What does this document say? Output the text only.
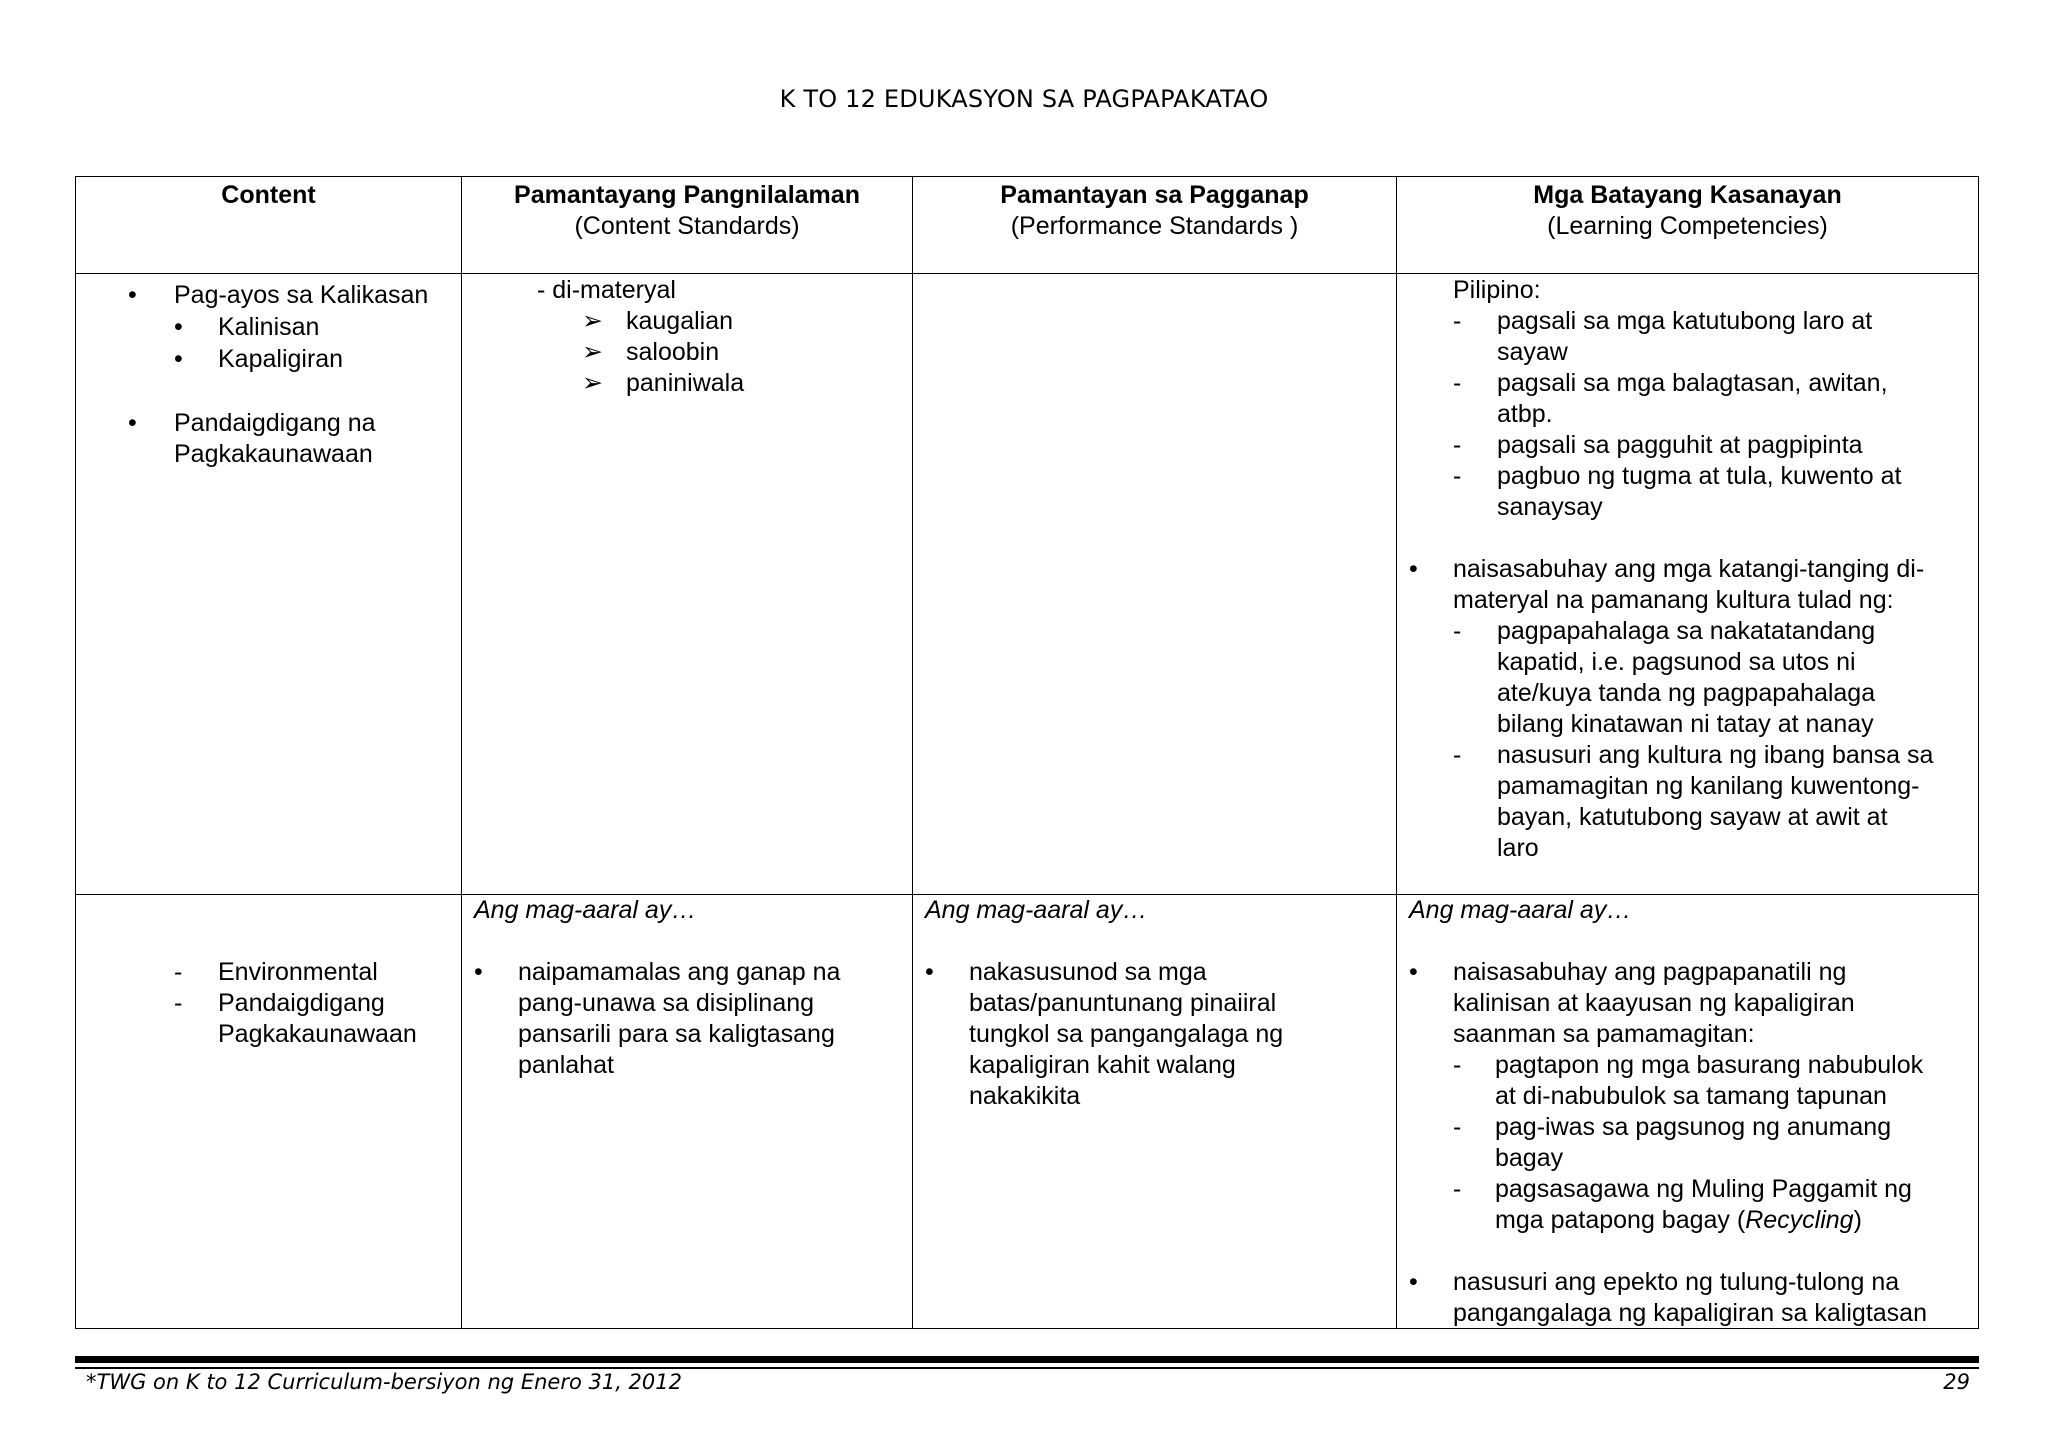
K TO 12 EDUKASYON SA PAGPAPAKATAO
Content	Pamantayang Pangnilalaman
(Content Standards)
Pamantayan sa Pagganap
(Performance Standards )
Mga Batayang Kasanayan
(Learning Competencies)
• Pag-ayos sa Kalikasan
• Kalinisan
• Kapaligiran
• Pandaigdigang na
Pagkakaunawaan
- di-materyal
➢ kaugalian
➢ saloobin
➢ paniniwala
Pilipino:
- pagsali sa mga katutubong laro at
sayaw
- pagsali sa mga balagtasan, awitan,
atbp.
- pagsali sa pagguhit at pagpipinta
- pagbuo ng tugma at tula, kuwento at
sanaysay
• naisasabuhay ang mga katangi-tanging di-
materyal na pamanang kultura tulad ng:
- pagpapahalaga sa nakatatandang
kapatid, i.e. pagsunod sa utos ni
ate/kuya tanda ng pagpapahalaga
bilang kinatawan ni tatay at nanay
- nasusuri ang kultura ng ibang bansa sa
pamamagitan ng kanilang kuwentong-
bayan, katutubong sayaw at awit at
laro
- Environmental
- Pandaigdigang
Pagkakaunawaan
Ang mag-aaral ay…
• naipamamalas ang ganap na
pang-unawa sa disiplinang
pansarili para sa kaligtasang
panlahat
Ang mag-aaral ay…
• nakasusunod sa mga
batas/panuntunang pinaiiral
tungkol sa pangangalaga ng
kapaligiran kahit walang
nakakikita
Ang mag-aaral ay…
• naisasabuhay ang pagpapanatili ng
kalinisan at kaayusan ng kapaligiran
saanman sa pamamagitan:
- pagtapon ng mga basurang nabubulok
at di-nabubulok sa tamang tapunan
- pag-iwas sa pagsunog ng anumang
bagay
- pagsasagawa ng Muling Paggamit ng
mga patapong bagay (Recycling)
• nasusuri ang epekto ng tulung-tulong na
pangangalaga ng kapaligiran sa kaligtasan
*TWG on K to 12 Curriculum-bersiyon ng Enero 31, 2012	29
